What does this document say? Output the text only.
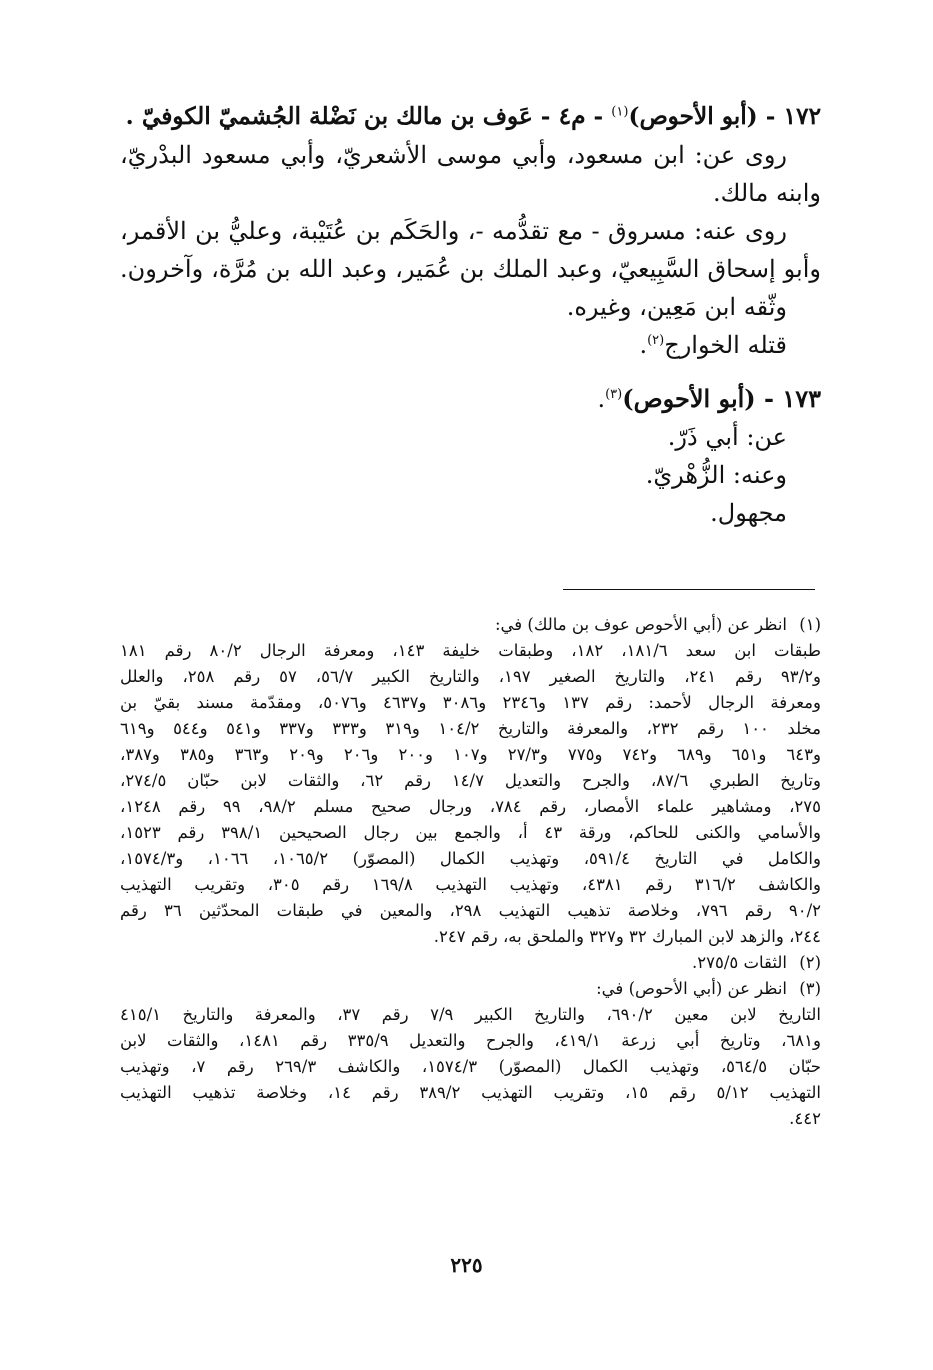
١٧٢ - (أبو الأحوص)$^{(١)}$ - م٤ - عَوف بن مالك بن نَضْلة الجُشميّ الكوفيّ .
روى عن: ابن مسعود، وأبي موسى الأشعريّ، وأبي مسعود البدْريّ،
وابنه مالك.
روى عنه: مسروق - مع تقدُّمه -، والحَكَم بن عُتَيْبة، وعليُّ بن الأقمر،
وأبو إسحاق السَّبِيعيّ، وعبد الملك بن عُمَير، وعبد الله بن مُرَّة، وآخرون.
وثّقه ابن مَعِين، وغيره.
قتله الخوارج$^{(٢)}$.
١٧٣ - (أبو الأحوص)$^{(٣)}$.
عن: أبي ذَرّ.
وعنه: الزُّهْريّ.
مجهول.
(١)
انظر عن (أبي الأحوص عوف بن مالك) في:
طبقات ابن سعد ١٨١/٦، ١٨٢، وطبقات خليفة ١٤٣، ومعرفة الرجال ٨٠/٢ رقم ١٨١
و٩٣/٢ رقم ٢٤١، والتاريخ الصغير ١٩٧، والتاريخ الكبير ٥٦/٧، ٥٧ رقم ٢٥٨، والعلل
ومعرفة الرجال لأحمد: رقم ١٣٧ و٢٣٤٦ و٣٠٨٦ و٤٦٣٧ و٥٠٧٦، ومقدّمة مسند بقيّ بن
مخلد ١٠٠ رقم ٢٣٢، والمعرفة والتاريخ ١٠٤/٢ و٣١٩ و٣٣٣ و٣٣٧ و٥٤١ و٥٤٤ و٦١٩
و٦٤٣ و٦٥١ و٦٨٩ و٧٤٢ و٧٧٥ و٢٧/٣ و١٠٧ و٢٠٠ و٢٠٦ و٢٠٩ و٣٦٣ و٣٨٥ و٣٨٧،
وتاريخ الطبري ٨٧/٦، والجرح والتعديل ١٤/٧ رقم ٦٢، والثقات لابن حبّان ٢٧٤/٥،
٢٧٥، ومشاهير علماء الأمصار، رقم ٧٨٤، ورجال صحيح مسلم ٩٨/٢، ٩٩ رقم ١٢٤٨،
والأسامي والكنى للحاكم، ورقة ٤٣ أ، والجمع بين رجال الصحيحين ٣٩٨/١ رقم ١٥٢٣،
والكامل في التاريخ ٥٩١/٤، وتهذيب الكمال (المصوّر) ١٠٦٥/٢، ١٠٦٦، و١٥٧٤/٣،
والكاشف ٣١٦/٢ رقم ٤٣٨١، وتهذيب التهذيب ١٦٩/٨ رقم ٣٠٥، وتقريب التهذيب
٩٠/٢ رقم ٧٩٦، وخلاصة تذهيب التهذيب ٢٩٨، والمعين في طبقات المحدّثين ٣٦ رقم
٢٤٤، والزهد لابن المبارك ٣٢ و٣٢٧ والملحق به، رقم ٢٤٧.
(٢)
الثقات ٢٧٥/٥.
(٣)
انظر عن (أبي الأحوص) في:
التاريخ لابن معين ٦٩٠/٢، والتاريخ الكبير ٧/٩ رقم ٣٧، والمعرفة والتاريخ ٤١٥/١
و٦٨١، وتاريخ أبي زرعة ٤١٩/١، والجرح والتعديل ٣٣٥/٩ رقم ١٤٨١، والثقات لابن
حبّان ٥٦٤/٥، وتهذيب الكمال (المصوّر) ١٥٧٤/٣، والكاشف ٢٦٩/٣ رقم ٧، وتهذيب
التهذيب ٥/١٢ رقم ١٥، وتقريب التهذيب ٣٨٩/٢ رقم ١٤، وخلاصة تذهيب التهذيب
٤٤٢.
٢٢٥
